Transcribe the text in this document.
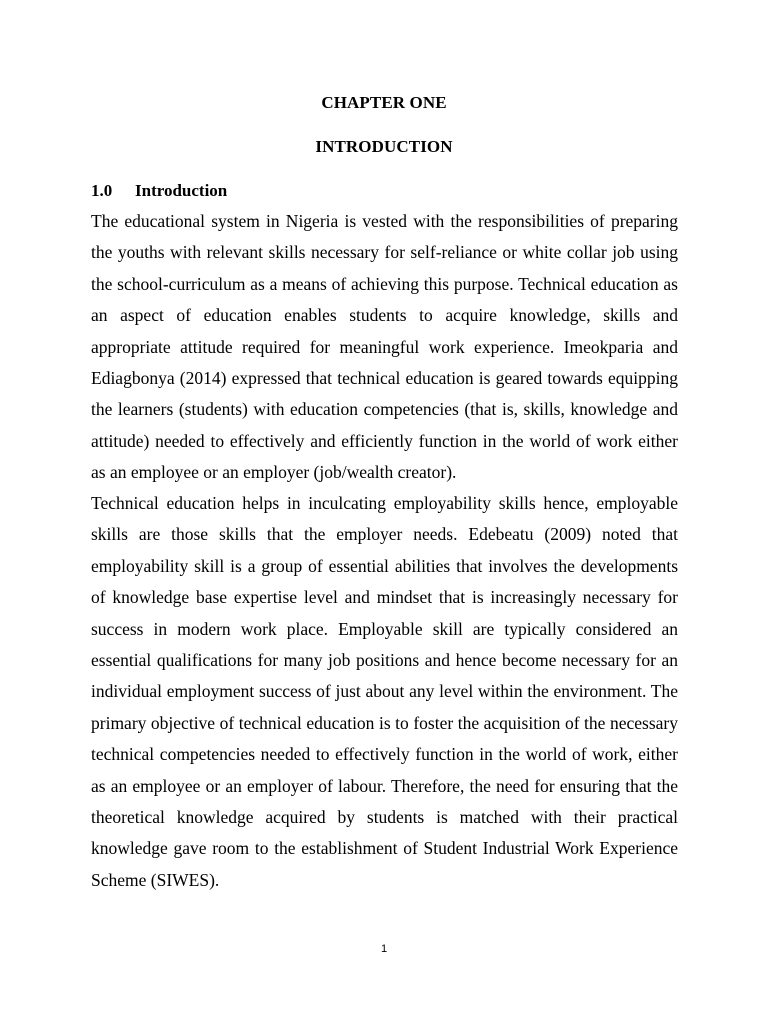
CHAPTER ONE
INTRODUCTION
1.0 Introduction
The educational system in Nigeria is vested with the responsibilities of preparing the youths with relevant skills necessary for self-reliance or white collar job using the school-curriculum as a means of achieving this purpose. Technical education as an aspect of education enables students to acquire knowledge, skills and appropriate attitude required for meaningful work experience. Imeokparia and Ediagbonya (2014) expressed that technical education is geared towards equipping the learners (students) with education competencies (that is, skills, knowledge and attitude) needed to effectively and efficiently function in the world of work either as an employee or an employer (job/wealth creator).
Technical education helps in inculcating employability skills hence, employable skills are those skills that the employer needs. Edebeatu (2009) noted that employability skill is a group of essential abilities that involves the developments of knowledge base expertise level and mindset that is increasingly necessary for success in modern work place. Employable skill are typically considered an essential qualifications for many job positions and hence become necessary for an individual employment success of just about any level within the environment. The primary objective of technical education is to foster the acquisition of the necessary technical competencies needed to effectively function in the world of work, either as an employee or an employer of labour. Therefore, the need for ensuring that the theoretical knowledge acquired by students is matched with their practical knowledge gave room to the establishment of Student Industrial Work Experience Scheme (SIWES).
1
